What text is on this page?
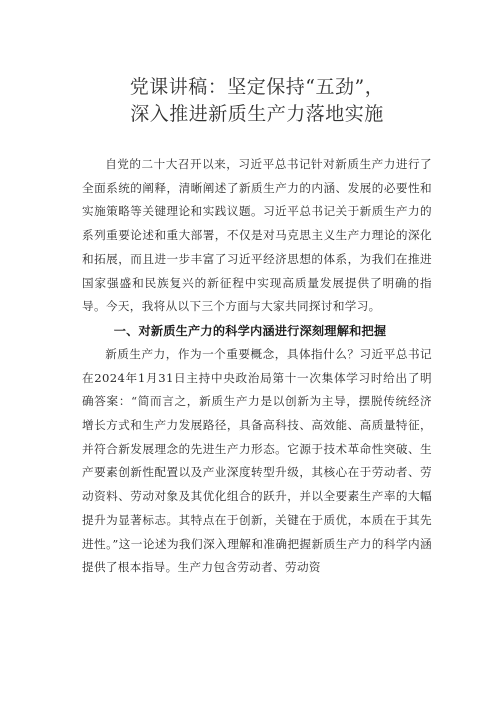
党课讲稿：坚定保持“五劲”，
深入推进新质生产力落地实施

自党的二十大召开以来，习近平总书记针对新质生产力进行了全面系统的阐释，清晰阐述了新质生产力的内涵、发展的必要性和实施策略等关键理论和实践议题。习近平总书记关于新质生产力的系列重要论述和重大部署，不仅是对马克思主义生产力理论的深化和拓展，而且进一步丰富了习近平经济思想的体系，为我们在推进国家强盛和民族复兴的新征程中实现高质量发展提供了明确的指导。今天，我将从以下三个方面与大家共同探讨和学习。

一、对新质生产力的科学内涵进行深刻理解和把握

新质生产力，作为一个重要概念，具体指什么？习近平总书记在2024年1月31日主持中央政治局第十一次集体学习时给出了明确答案：“简而言之，新质生产力是以创新为主导，摆脱传统经济增长方式和生产力发展路径，具备高科技、高效能、高质量特征，并符合新发展理念的先进生产力形态。它源于技术革命性突破、生产要素创新性配置以及产业深度转型升级，其核心在于劳动者、劳动资料、劳动对象及其优化组合的跃升，并以全要素生产率的大幅提升为显著标志。其特点在于创新，关键在于质优，本质在于其先进性。”这一论述为我们深入理解和准确把握新质生产力的科学内涵提供了根本指导。生产力包含劳动者、劳动资
